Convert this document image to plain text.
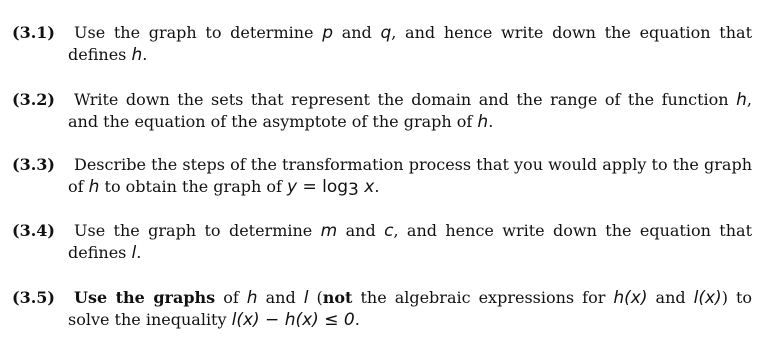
(3.1)	Use the graph to determine p and q, and hence write down the equation that defines h.
(3.2)	Write down the sets that represent the domain and the range of the function h, and the equation of the asymptote of the graph of h.
(3.3)	Describe the steps of the transformation process that you would apply to the graph of h to obtain the graph of $y = \log_3 x$.
(3.4)	Use the graph to determine m and c, and hence write down the equation that defines l.
(3.5)	Use the graphs of h and l (not the algebraic expressions for h(x) and l(x)) to solve the inequality l(x) − h(x) ≤ 0.
